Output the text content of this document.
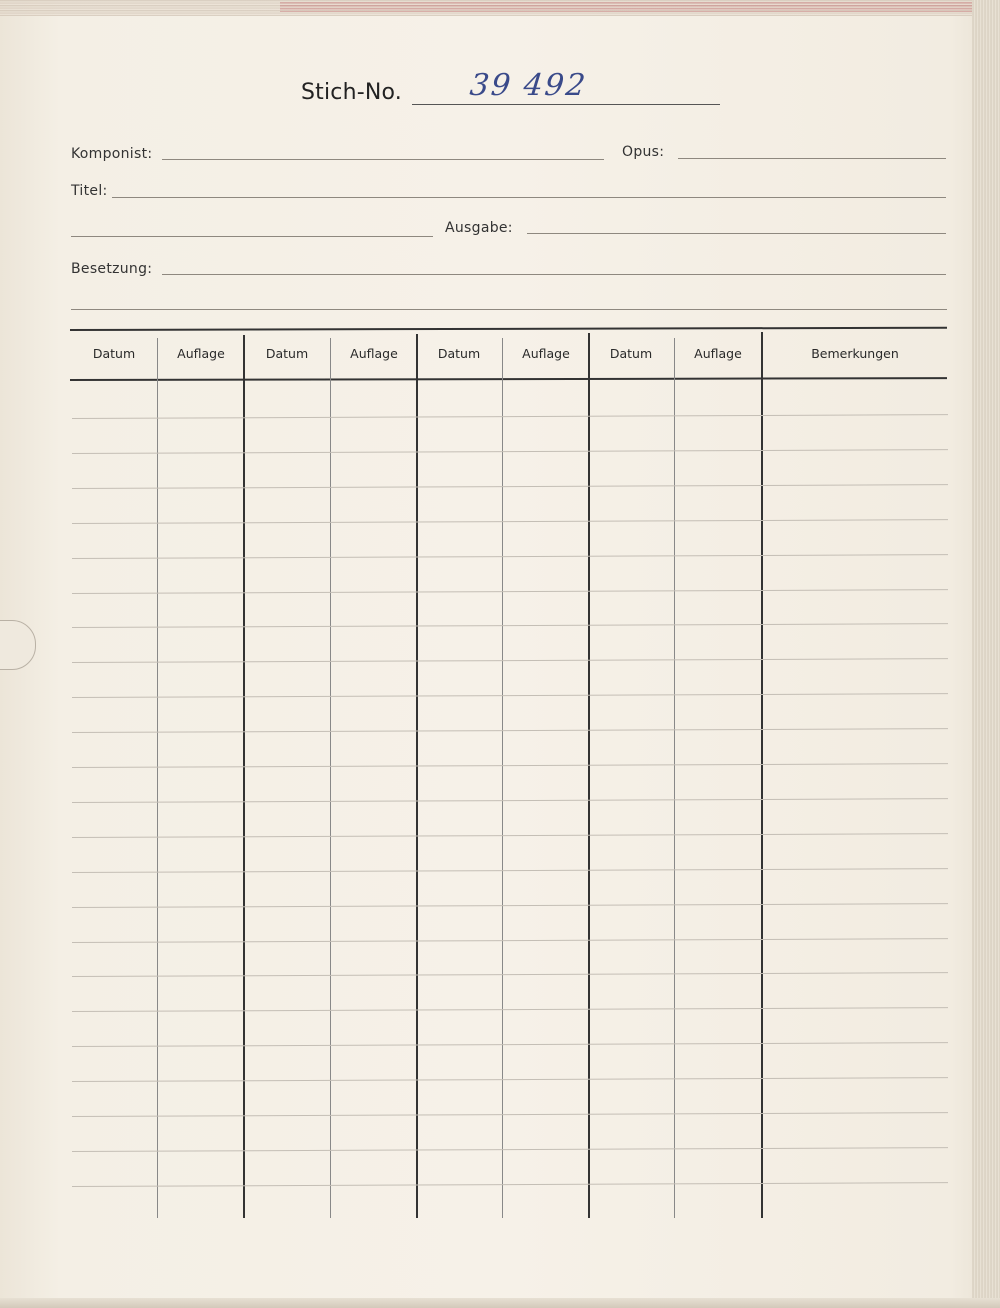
Stich-No. 39 492
Komponist:	Opus:
Titel:
Ausgabe:
Besetzung:
Datum	Auflage	Datum	Auflage	Datum	Auflage	Datum	Auflage	Bemerkungen
